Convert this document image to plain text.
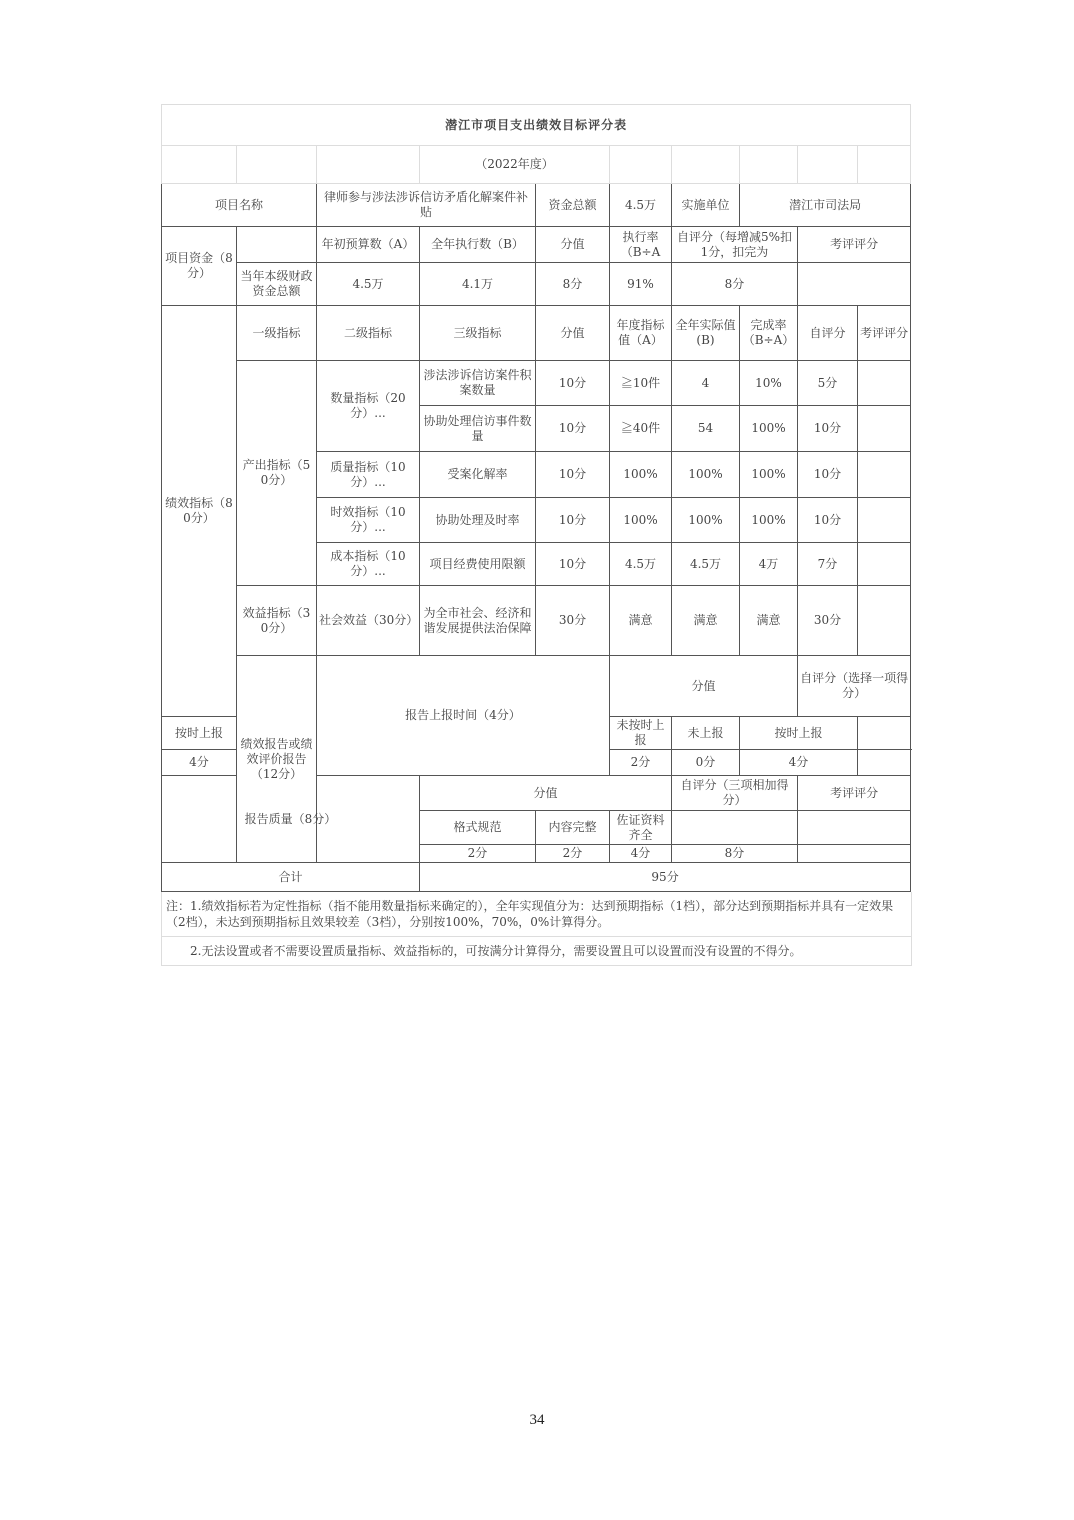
潜江市项目支出绩效目标评分表										
			（2022年度）							
项目名称		律师参与涉法涉诉信访矛盾化解案件补贴		资金总额	4.5万	实施单位	潜江市司法局			
项目资金（8分）		年初预算数（A）	全年执行数（B）	分值	执行率（B÷A	自评分（每增减5%扣1分，扣完为		考评评分		
	当年本级财政资金总额	4.5万	4.1万	8分	91%	8分				
绩效指标（80分）	一级指标	二级指标	三级指标	分值	年度指标值（A）	全年实际值(B)	完成率（B÷A）	自评分	考评评分	
	产出指标（50分）	数量指标（20分）...	涉法涉诉信访案件积案数量	10分	≧10件	4	10%	5分		
			协助处理信访事件数量	10分	≧40件	54	100%	10分		
		质量指标（10分）...	受案化解率	10分	100%	100%	100%	10分		
		时效指标（10分）...	协助处理及时率	10分	100%	100%	100%	10分		
		成本指标（10分）...	项目经费使用限额	10分	4.5万	4.5万	4万	7分		
	效益指标（30分）	社会效益（30分）	为全市社会、经济和谐发展提供法治保障	30分	满意	满意	满意	30分		
	绩效报告或绩效评价报告（12分）	报告上报时间（4分）			分值			自评分（选择一项得分）		
按时上报					未按时上报	未上报	按时上报			
4分					2分	0分	4分			
报告质量（8分）			分值			自评分（三项相加得分）		考评评分		
			格式规范	内容完整	佐证资料齐全					
			2分	2分	4分	8分				
合计			95分							
注：1.绩效指标若为定性指标（指不能用数量指标来确定的），全年实现值分为：达到预期指标（1档），部分达到预期指标并具有一定效果（2档），未达到预期指标且效果较差（3档），分别按100%，70%，0%计算得分。
2.无法设置或者不需要设置质量指标、效益指标的，可按满分计算得分，需要设置且可以设置而没有设置的不得分。
34
